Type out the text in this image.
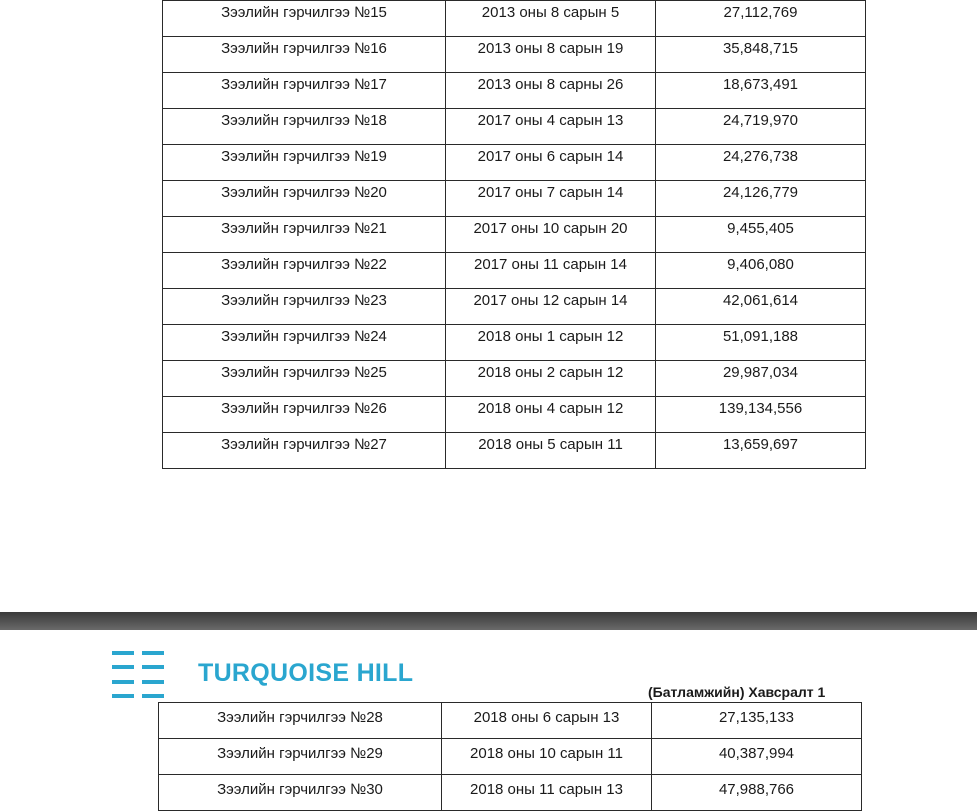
Зээлийн гэрчилгээ №15	2013 оны 8 сарын 5	27,112,769
Зээлийн гэрчилгээ №16	2013 оны 8 сарын 19	35,848,715
Зээлийн гэрчилгээ №17	2013 оны 8 сарны 26	18,673,491
Зээлийн гэрчилгээ №18	2017 оны 4 сарын 13	24,719,970
Зээлийн гэрчилгээ №19	2017 оны 6 сарын 14	24,276,738
Зээлийн гэрчилгээ №20	2017 оны 7 сарын 14	24,126,779
Зээлийн гэрчилгээ №21	2017 оны 10 сарын 20	9,455,405
Зээлийн гэрчилгээ №22	2017 оны 11 сарын 14	9,406,080
Зээлийн гэрчилгээ №23	2017 оны 12 сарын 14	42,061,614
Зээлийн гэрчилгээ №24	2018 оны 1 сарын 12	51,091,188
Зээлийн гэрчилгээ №25	2018 оны 2 сарын 12	29,987,034
Зээлийн гэрчилгээ №26	2018 оны 4 сарын 12	139,134,556
Зээлийн гэрчилгээ №27	2018 оны 5 сарын 11	13,659,697
TURQUOISE HILL
(Батламжийн) Хавсралт 1
Зээлийн гэрчилгээ №28	2018 оны 6 сарын 13	27,135,133
Зээлийн гэрчилгээ №29	2018 оны 10 сарын 11	40,387,994
Зээлийн гэрчилгээ №30	2018 оны 11 сарын 13	47,988,766
